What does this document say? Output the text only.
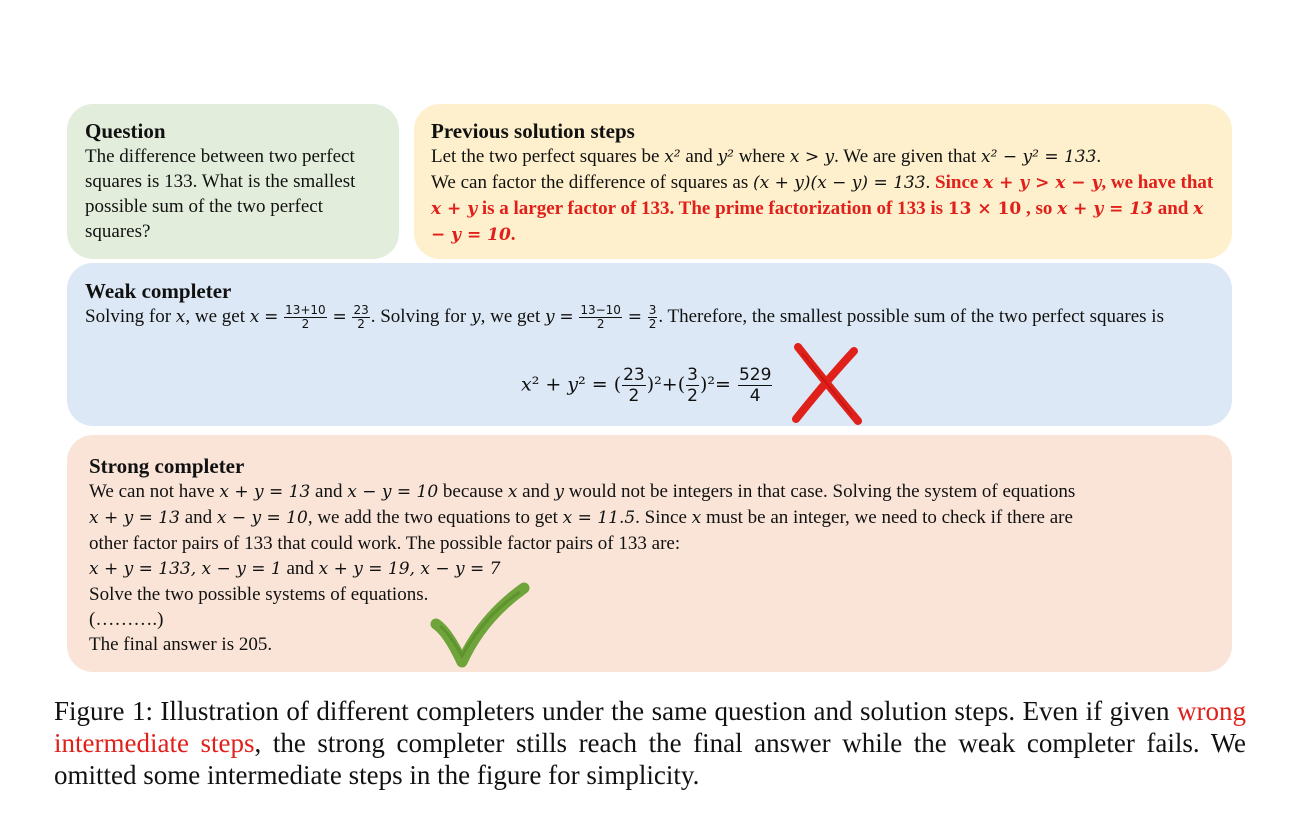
Question
The difference between two perfect squares is 133. What is the smallest possible sum of the two perfect squares?
Previous solution steps
Let the two perfect squares be x² and y² where x > y. We are given that x² − y² = 133.
We can factor the difference of squares as (x + y)(x − y) = 133. Since x + y > x − y, we have that x + y is a larger factor of 133. The prime factorization of 133 is 13 × 10 , so x + y = 13 and x − y = 10.
Weak completer
Solving for x, we get $x = \frac{13+10}{2} = \frac{23}{2}$ . Solving for y, we get $y = \frac{13-10}{2} = \frac{3}{2}$ . Therefore, the smallest possible sum of the two perfect squares is
x² + y² = ( $\frac{23}{2} )^2+( \frac{3}{2} )^2= \frac{529}{4}$
Strong completer
We can not have x + y = 13 and x − y = 10 because x and y would not be integers in that case. Solving the system of equations
x + y = 13 and x − y = 10, we add the two equations to get x = 11.5. Since x must be an integer, we need to check if there are
other factor pairs of 133 that could work. The possible factor pairs of 133 are:
x + y = 133, x − y = 1 and x + y = 19, x − y = 7
Solve the two possible systems of equations.
(……….)
The final answer is 205.
Figure 1: Illustration of different completers under the same question and solution steps. Even if given wrong intermediate steps, the strong completer stills reach the final answer while the weak completer fails. We omitted some intermediate steps in the figure for simplicity.
